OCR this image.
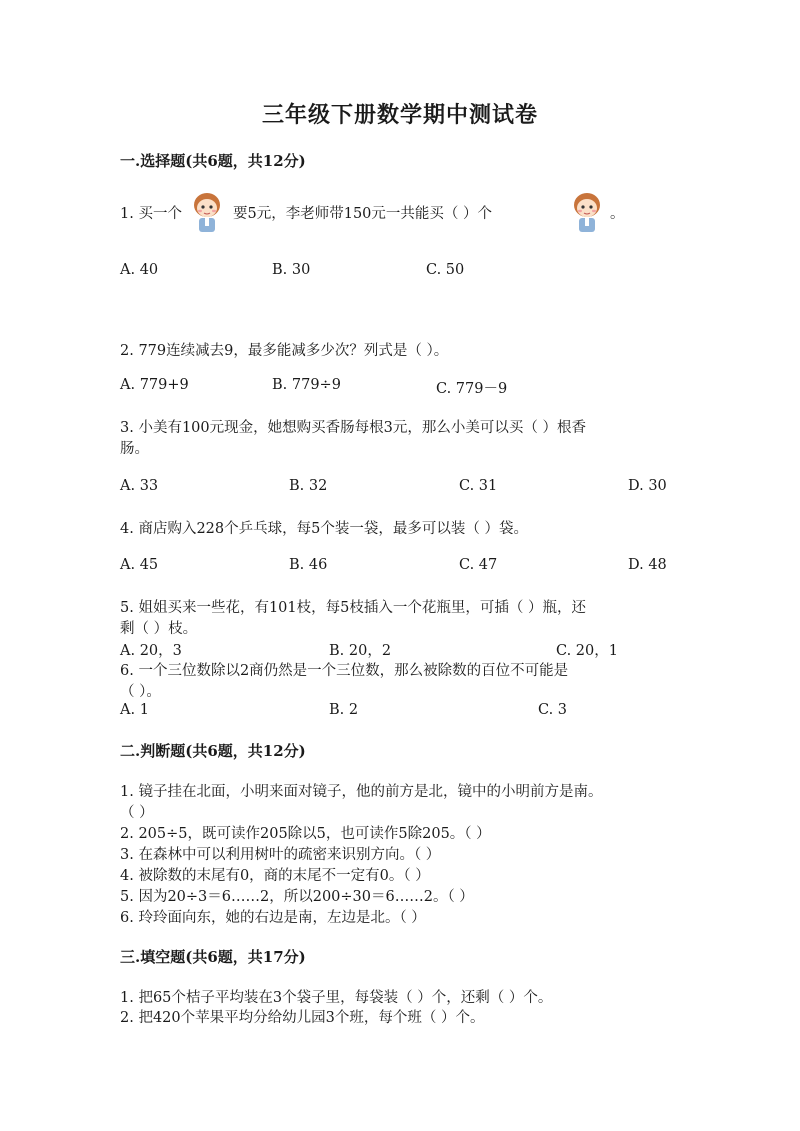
三年级下册数学期中测试卷
一.选择题(共6题，共12分)
1. 买一个	要5元，李老师带150元一共能买（ ）个	。
A. 40	B. 30	C. 50
2. 779连续减去9，最多能减多少次？列式是（ ）。
A. 779+9	B. 779÷9	C. 779－9
3. 小美有100元现金，她想购买香肠每根3元，那么小美可以买（ ）根香
肠。
A. 33	B. 32	C. 31	D. 30
4. 商店购入228个乒乓球，每5个装一袋，最多可以装（ ）袋。
A. 45	B. 46	C. 47	D. 48
5. 姐姐买来一些花，有101枝，每5枝插入一个花瓶里，可插（ ）瓶，还
剩（ ）枝。
A. 20，3	B. 20，2	C. 20，1
6. 一个三位数除以2商仍然是一个三位数，那么被除数的百位不可能是
（ ）。
A. 1	B. 2	C. 3
二.判断题(共6题，共12分)
1. 镜子挂在北面，小明来面对镜子，他的前方是北，镜中的小明前方是南。
（ ）
2. 205÷5，既可读作205除以5，也可读作5除205。（ ）
3. 在森林中可以利用树叶的疏密来识别方向。（ ）
4. 被除数的末尾有0，商的末尾不一定有0。（ ）
5. 因为20÷3＝6……2，所以200÷30＝6……2。（ ）
6. 玲玲面向东，她的右边是南，左边是北。（ ）
三.填空题(共6题，共17分)
1. 把65个桔子平均装在3个袋子里，每袋装（ ）个，还剩（ ）个。
2. 把420个苹果平均分给幼儿园3个班，每个班（ ）个。
